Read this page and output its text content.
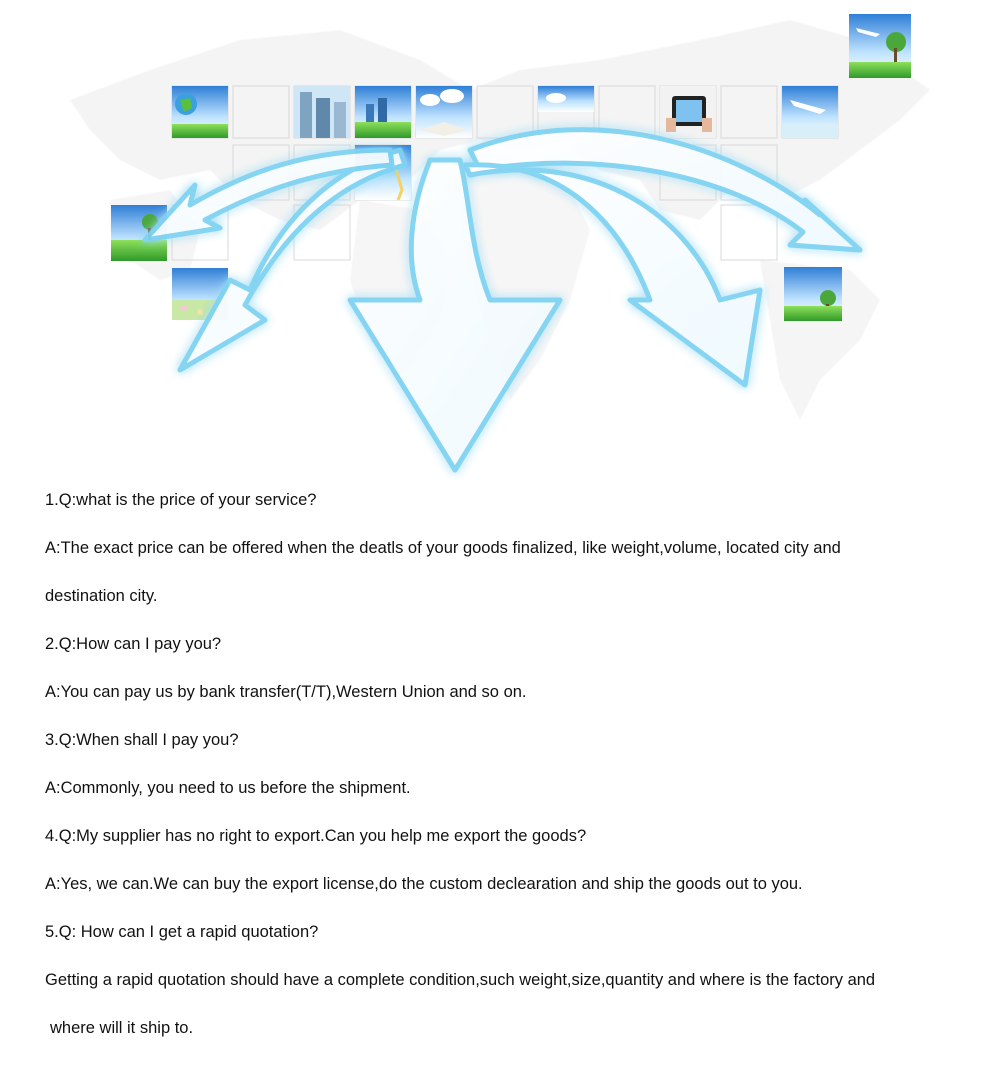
1.Q:what is the price of your service?
A:The exact price can be offered when the deatls of your goods finalized, like weight,volume, located city and
destination city.
2.Q:How can I pay you?
A:You can pay us by bank transfer(T/T),Western Union and so on.
3.Q:When shall I pay you?
A:Commonly, you need to us before the shipment.
4.Q:My supplier has no right to export.Can you help me export the goods?
A:Yes, we can.We can buy the export license,do the custom declearation and ship the goods out to you.
5.Q: How can I get a rapid quotation?
Getting a rapid quotation should have a complete condition,such weight,size,quantity and where is the factory and
where will it ship to.
